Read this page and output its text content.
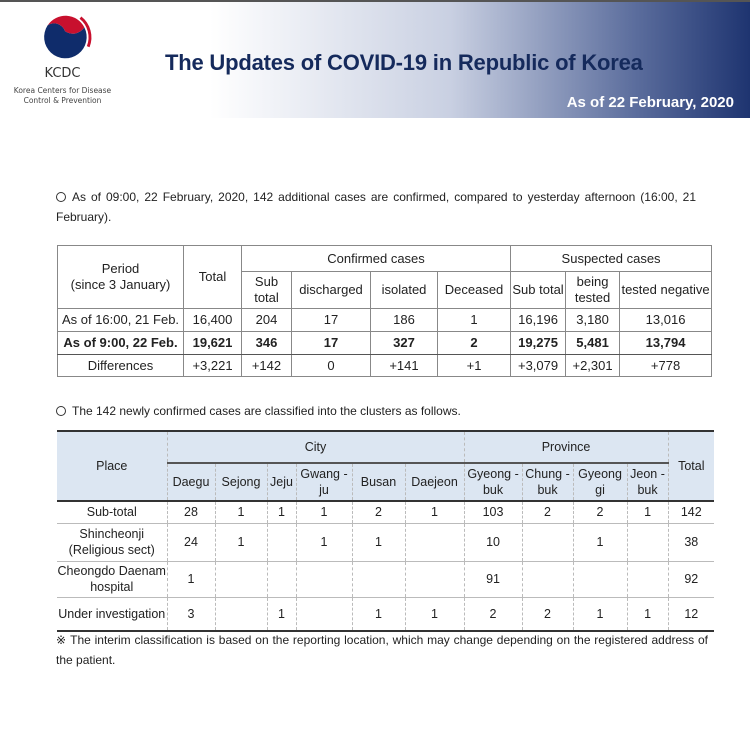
KCDC
Korea Centers for Disease
Control & Prevention
The Updates of COVID-19 in Republic of Korea
As of 22 February, 2020
As of 09:00, 22 February, 2020, 142 additional cases are confirmed, compared to yesterday afternoon (16:00, 21 February).
Period
(since 3 January)	Total	Confirmed cases				Suspected cases		
		Sub total	discharged	isolated	Deceased	Sub total	being tested	tested negative
As of 16:00, 21 Feb.	16,400	204	17	186	1	16,196	3,180	13,016
As of 9:00, 22 Feb.	19,621	346	17	327	2	19,275	5,481	13,794
Differences	+3,221	+142	0	+141	+1	+3,079	+2,301	+778
The 142 newly confirmed cases are classified into the clusters as follows.
Place	City						Province				Total
	Daegu	Sejong	Jeju	Gwang -ju	Busan	Daejeon	Gyeong -buk	Chung -buk	Gyeong gi	Jeon -buk	
Sub-total	28	1	1	1	2	1	103	2	2	1	142
Shincheonji (Religious sect)	24	1		1	1		10		1		38
Cheongdo Daenam hospital	1						91				92
Under investigation	3		1		1	1	2	2	1	1	12
※ The interim classification is based on the reporting location, which may change depending on the registered address of the patient.
